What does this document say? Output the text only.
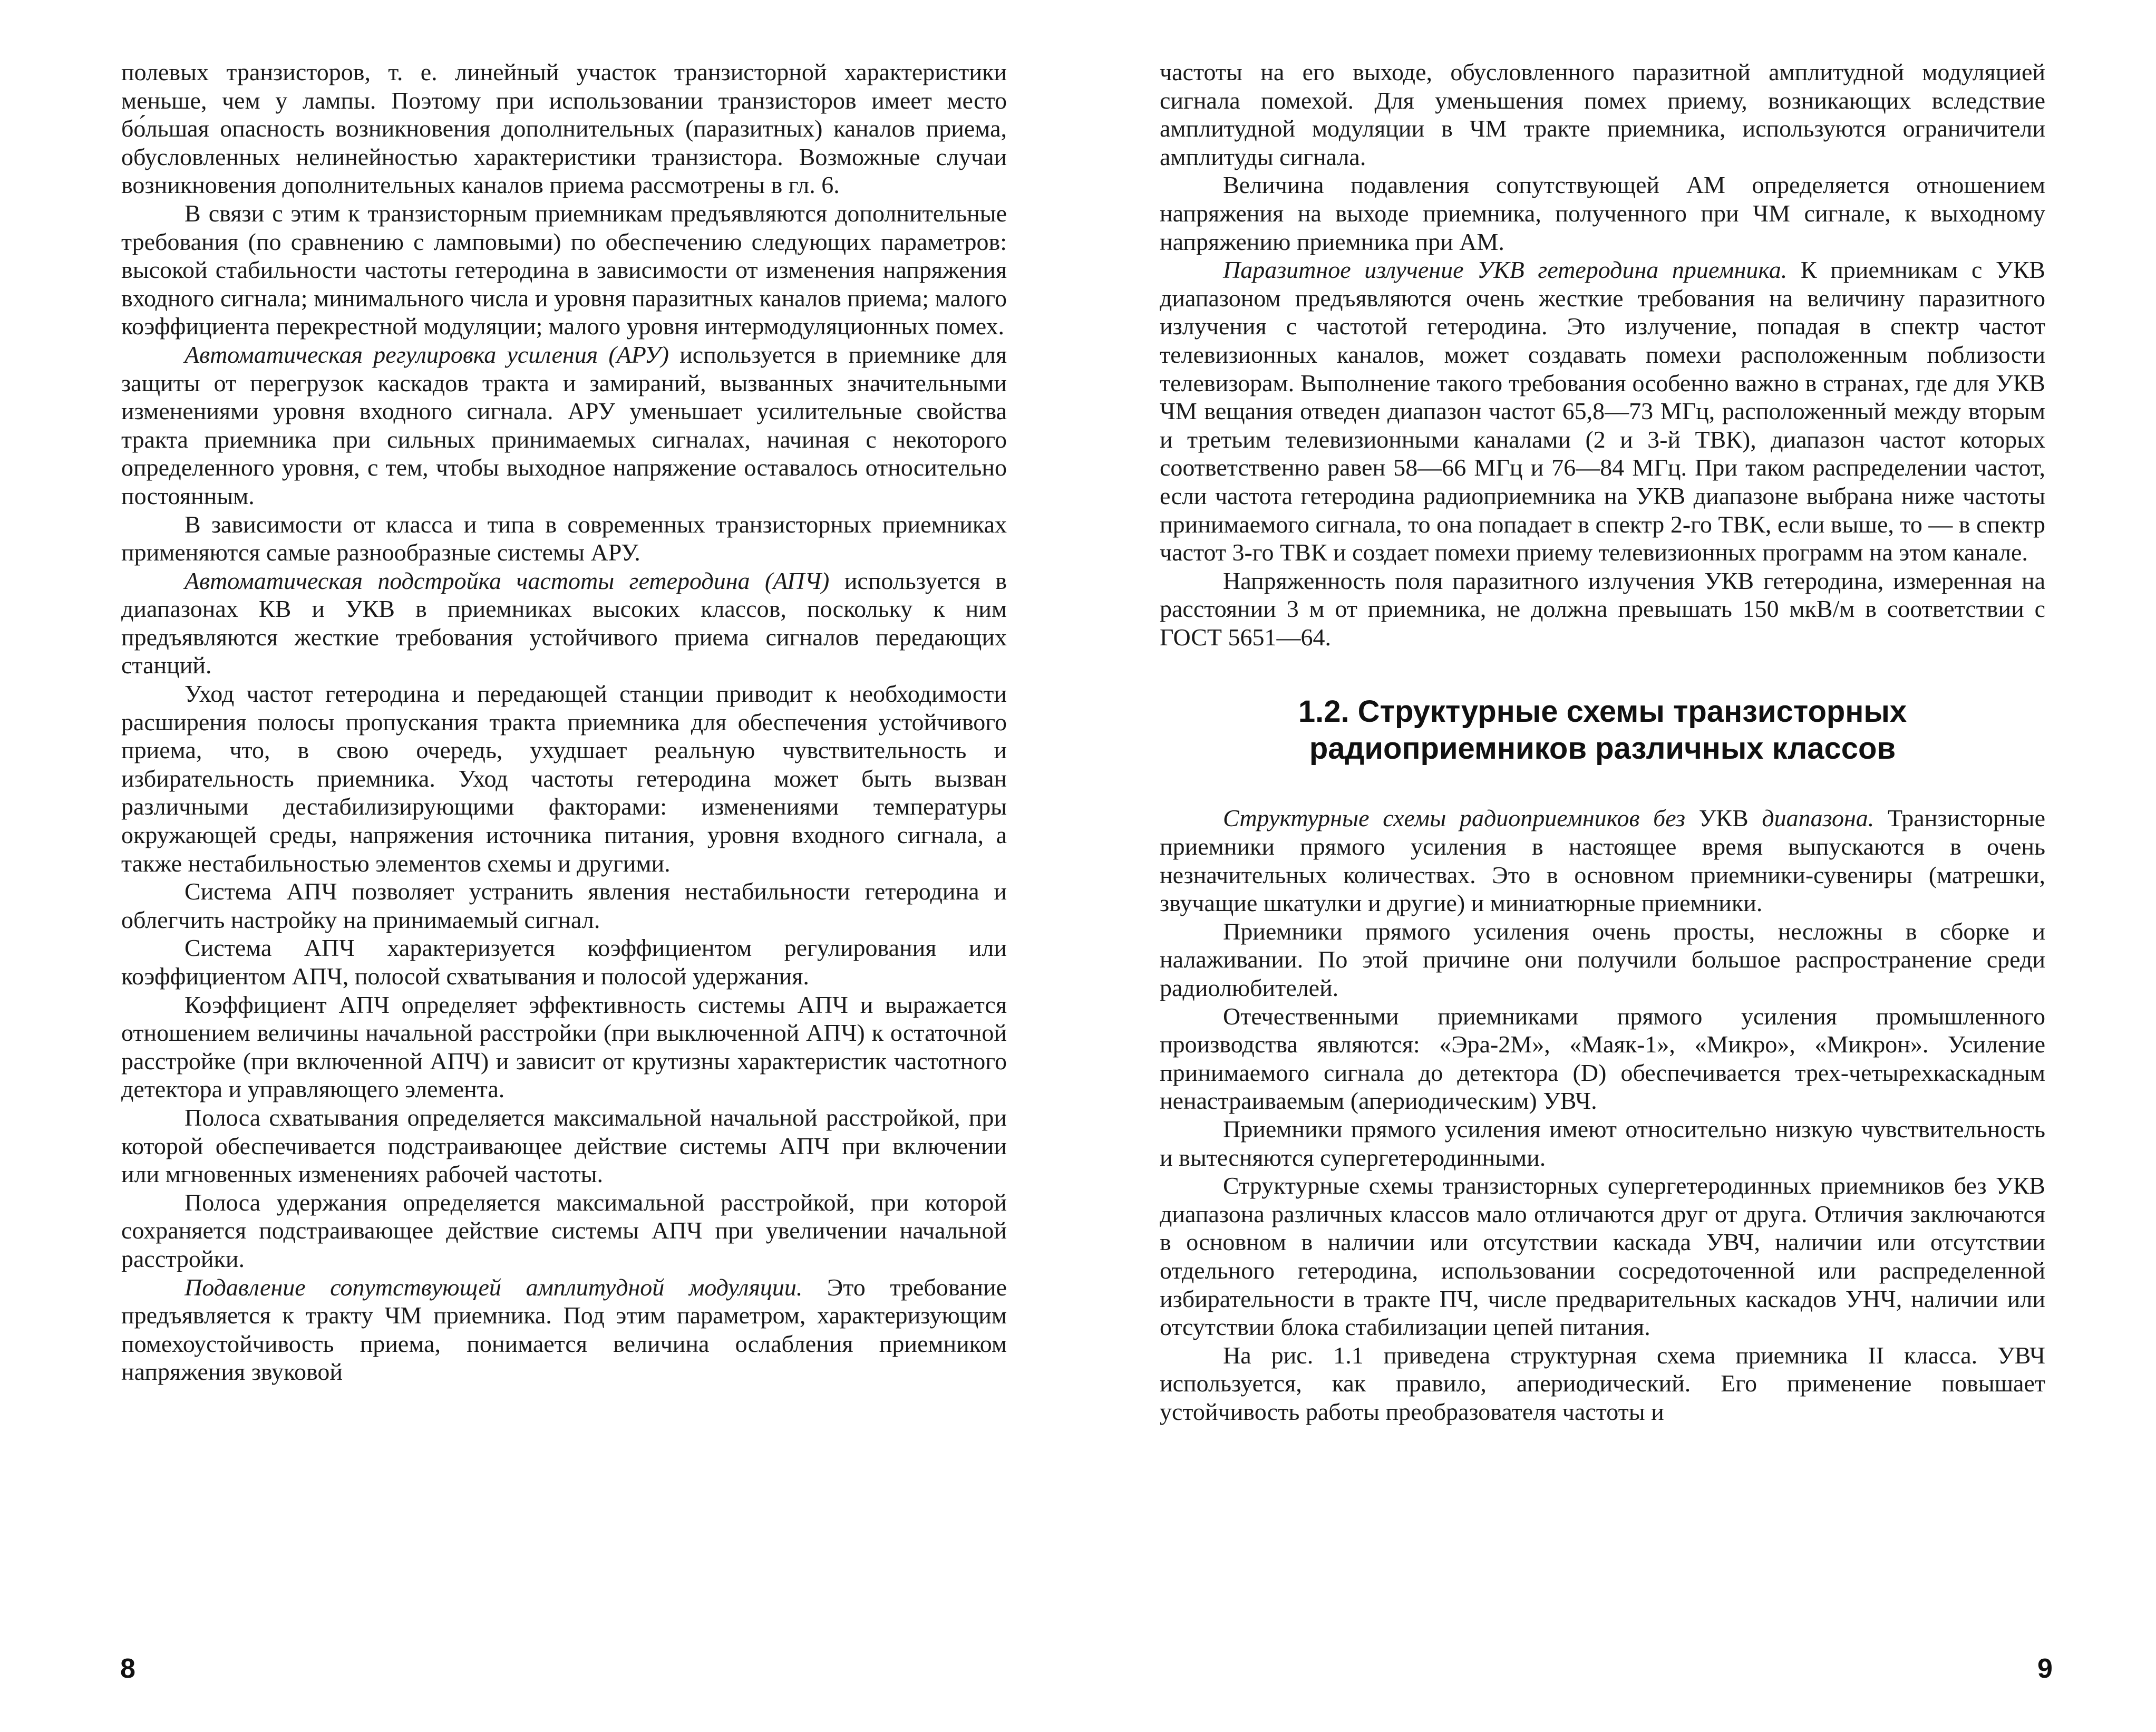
полевых транзисторов, т. е. линейный участок транзисторной характеристики меньше, чем у лампы. Поэтому при использовании транзисторов имеет место бо́льшая опасность возникновения дополнительных (паразитных) каналов приема, обусловленных нелинейностью характеристики транзистора. Возможные случаи возникновения дополнительных каналов приема рассмотрены в гл. 6.

В связи с этим к транзисторным приемникам предъявляются дополнительные требования (по сравнению с ламповыми) по обеспечению следующих параметров: высокой стабильности частоты гетеродина в зависимости от изменения напряжения входного сигнала; минимального числа и уровня паразитных каналов приема; малого коэффициента перекрестной модуляции; малого уровня интермодуляционных помех.

Автоматическая регулировка усиления (АРУ) используется в приемнике для защиты от перегрузок каскадов тракта и замираний, вызванных значительными изменениями уровня входного сигнала. АРУ уменьшает усилительные свойства тракта приемника при сильных принимаемых сигналах, начиная с некоторого определенного уровня, с тем, чтобы выходное напряжение оставалось относительно постоянным.

В зависимости от класса и типа в современных транзисторных приемниках применяются самые разнообразные системы АРУ.

Автоматическая подстройка частоты гетеродина (АПЧ) используется в диапазонах КВ и УКВ в приемниках высоких классов, поскольку к ним предъявляются жесткие требования устойчивого приема сигналов передающих станций.

Уход частот гетеродина и передающей станции приводит к необходимости расширения полосы пропускания тракта приемника для обеспечения устойчивого приема, что, в свою очередь, ухудшает реальную чувствительность и избирательность приемника. Уход частоты гетеродина может быть вызван различными дестабилизирующими факторами: изменениями температуры окружающей среды, напряжения источника питания, уровня входного сигнала, а также нестабильностью элементов схемы и другими.

Система АПЧ позволяет устранить явления нестабильности гетеродина и облегчить настройку на принимаемый сигнал.

Система АПЧ характеризуется коэффициентом регулирования или коэффициентом АПЧ, полосой схватывания и полосой удержания.

Коэффициент АПЧ определяет эффективность системы АПЧ и выражается отношением величины начальной расстройки (при выключенной АПЧ) к остаточной расстройке (при включенной АПЧ) и зависит от крутизны характеристик частотного детектора и управляющего элемента.

Полоса схватывания определяется максимальной начальной расстройкой, при которой обеспечивается подстраивающее действие системы АПЧ при включении или мгновенных изменениях рабочей частоты.

Полоса удержания определяется максимальной расстройкой, при которой сохраняется подстраивающее действие системы АПЧ при увеличении начальной расстройки.

Подавление сопутствующей амплитудной модуляции. Это требование предъявляется к тракту ЧМ приемника. Под этим параметром, характеризующим помехоустойчивость приема, понимается величина ослабления приемником напряжения звуковой

8

частоты на его выходе, обусловленного паразитной амплитудной модуляцией сигнала помехой. Для уменьшения помех приему, возникающих вследствие амплитудной модуляции в ЧМ тракте приемника, используются ограничители амплитуды сигнала.

Величина подавления сопутствующей АМ определяется отношением напряжения на выходе приемника, полученного при ЧМ сигнале, к выходному напряжению приемника при АМ.

Паразитное излучение УКВ гетеродина приемника. К приемникам с УКВ диапазоном предъявляются очень жесткие требования на величину паразитного излучения с частотой гетеродина. Это излучение, попадая в спектр частот телевизионных каналов, может создавать помехи расположенным поблизости телевизорам. Выполнение такого требования особенно важно в странах, где для УКВ ЧМ вещания отведен диапазон частот 65,8—73 МГц, расположенный между вторым и третьим телевизионными каналами (2 и 3-й ТВК), диапазон частот которых соответственно равен 58—66 МГц и 76—84 МГц. При таком распределении частот, если частота гетеродина радиоприемника на УКВ диапазоне выбрана ниже частоты принимаемого сигнала, то она попадает в спектр 2-го ТВК, если выше, то — в спектр частот 3-го ТВК и создает помехи приему телевизионных программ на этом канале.

Напряженность поля паразитного излучения УКВ гетеродина, измеренная на расстоянии 3 м от приемника, не должна превышать 150 мкВ/м в соответствии с ГОСТ 5651—64.

1.2. Структурные схемы транзисторных
радиоприемников различных классов

Структурные схемы радиоприемников без УКВ диапазона. Транзисторные приемники прямого усиления в настоящее время выпускаются в очень незначительных количествах. Это в основном приемники-сувениры (матрешки, звучащие шкатулки и другие) и миниатюрные приемники.

Приемники прямого усиления очень просты, несложны в сборке и налаживании. По этой причине они получили большое распространение среди радиолюбителей.

Отечественными приемниками прямого усиления промышленного производства являются: «Эра-2М», «Маяк-1», «Микро», «Микрон». Усиление принимаемого сигнала до детектора (D) обеспечивается трех-четырехкаскадным ненастраиваемым (апериодическим) УВЧ.

Приемники прямого усиления имеют относительно низкую чувствительность и вытесняются супергетеродинными.

Структурные схемы транзисторных супергетеродинных приемников без УКВ диапазона различных классов мало отличаются друг от друга. Отличия заключаются в основном в наличии или отсутствии каскада УВЧ, наличии или отсутствии отдельного гетеродина, использовании сосредоточенной или распределенной избирательности в тракте ПЧ, числе предварительных каскадов УНЧ, наличии или отсутствии блока стабилизации цепей питания.

На рис. 1.1 приведена структурная схема приемника II класса. УВЧ используется, как правило, апериодический. Его применение повышает устойчивость работы преобразователя частоты и

9
